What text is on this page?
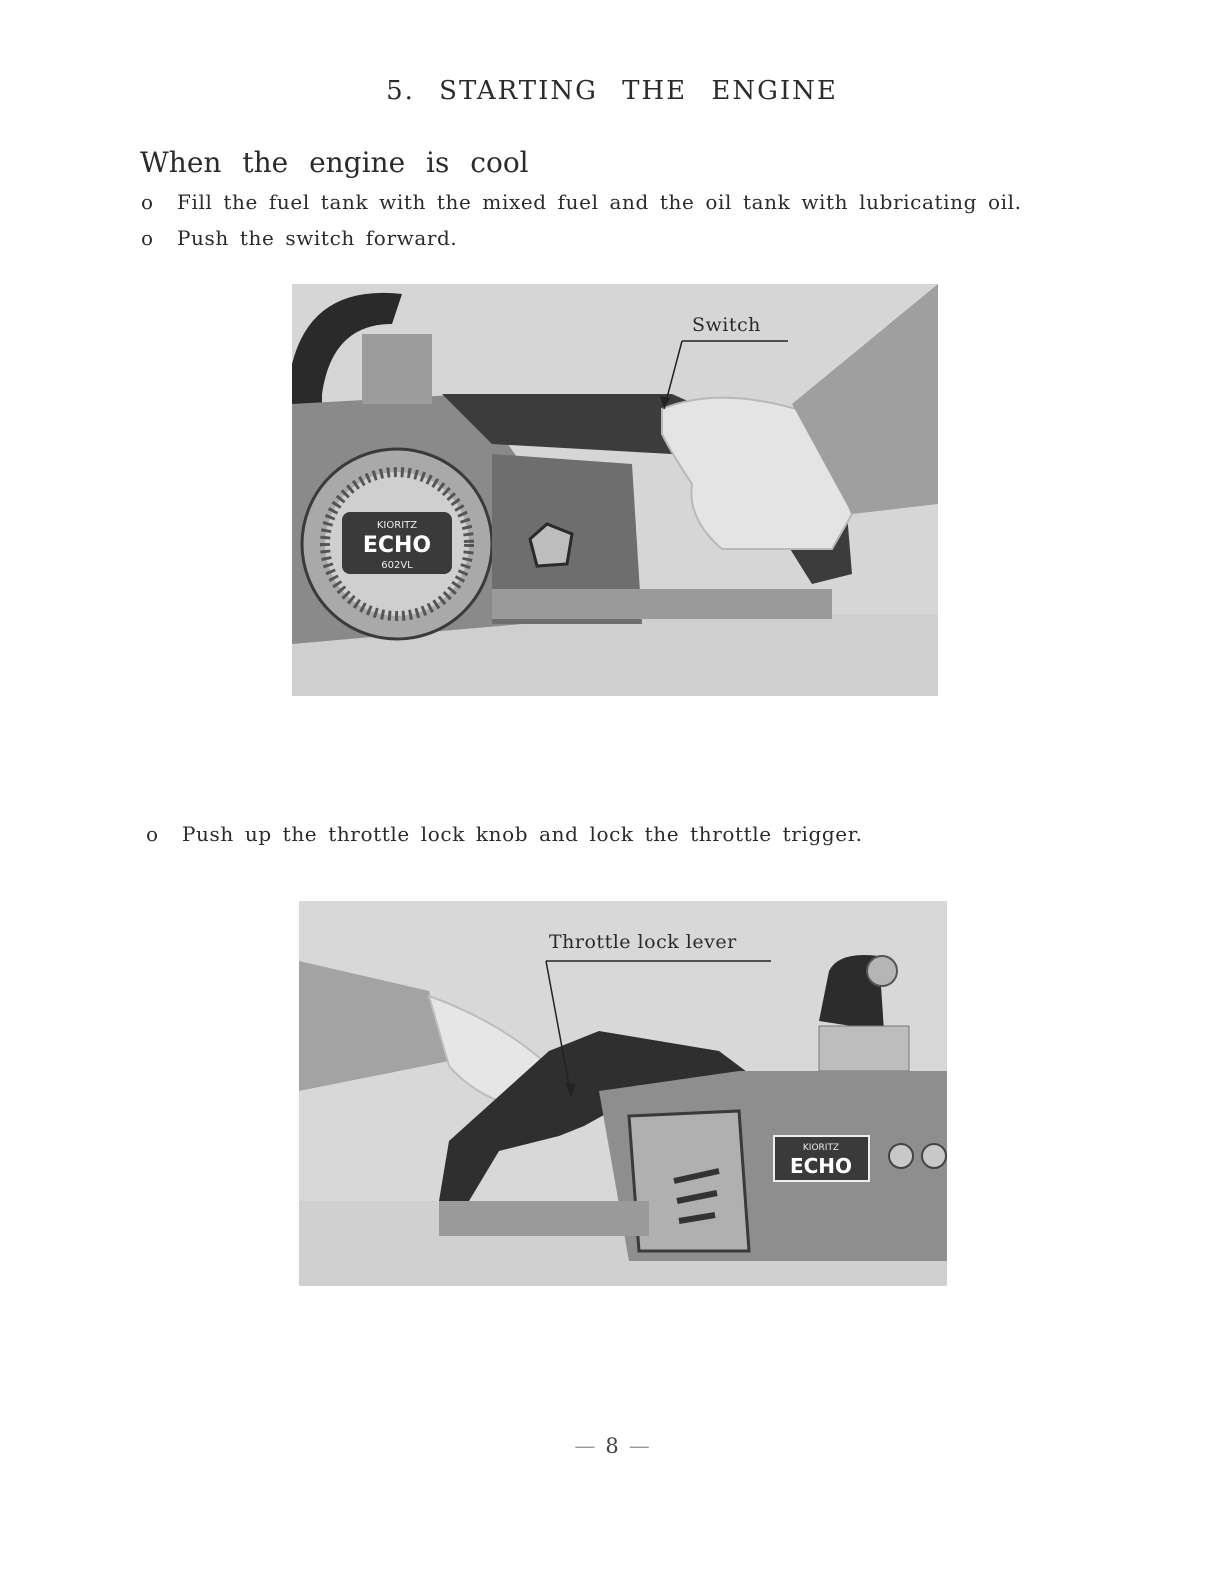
5. STARTING THE ENGINE
When the engine is cool
o Fill the fuel tank with the mixed fuel and the oil tank with lubricating oil.
o Push the switch forward.
KIORITZ
ECHO
602VL
Switch
o Push up the throttle lock knob and lock the throttle trigger.
KIORITZ
ECHO
Throttle lock lever
— 8 —
